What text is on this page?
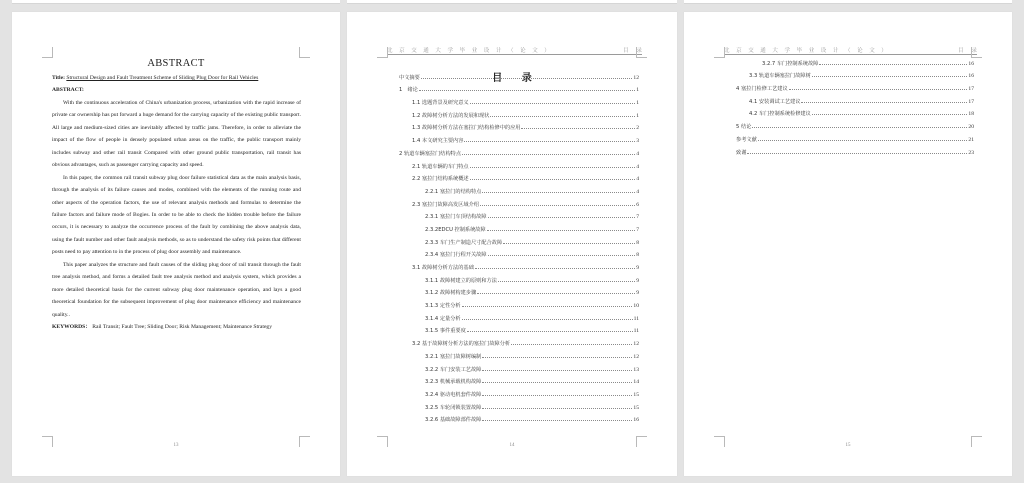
ABSTRACT

Title: Structural Design and Fault Treatment Scheme of Sliding Plug Door for Rail Vehicles

ABSTRACT:

With the continuous acceleration of China's urbanization process, urbanization with the rapid increase of private car ownership has put forward a huge demand for the carrying capacity of the existing public transport. All large and medium-sized cities are inevitably affected by traffic jams. Therefore, in order to alleviate the impact of the flow of people in densely populated urban areas on the traffic, the public transport mainly includes subway and other rail transit Compared with other ground public transportation, rail transit has obvious advantages, such as passenger carrying capacity and speed.

In this paper, the common rail transit subway plug door failure statistical data as the main analysis basis, through the analysis of its failure causes and modes, combined with the elements of the running route and other aspects of the operation factors, the use of relevant analysis methods and formulas to determine the failure factors and failure mode of Bogies. In order to be able to check the hidden trouble before the failure occurs, it is necessary to analyze the occurrence process of the fault by combining the above analysis data, using the fault number and other fault analysis methods, so as to understand the safety risk points that different posts need to pay attention to in the process of plug door assembly and maintenance.

This paper analyzes the structure and fault causes of the sliding plug door of rail transit through the fault tree analysis method, and forms a detailed fault tree analysis method and analysis system, which provides a more detailed theoretical basis for the current subway plug door maintenance operation, and lays a good theoretical foundation for the subsequent improvement of plug door maintenance efficiency and maintenance quality..

KEYWORDS： Rail Transit; Fault Tree; Sliding Door; Risk Management; Maintenance Strategy

13
北京交通大学毕业设计（论文）	目录
目 录
中文摘要	12
1　绪论	1
1.1 选题背景及研究意义	1
1.2 故障树分析方法的发展和现状	1
1.3 故障树分析方法在塞拉门结构检修中的应用	2
1.4 本文研究主要内容	3
2 轨道车辆塞拉门结构特点	4
2.1 轨道车辆的车门特点	4
2.2 塞拉门结构系统概述	4
2.2.1 塞拉门的结构特点	4
2.3 塞拉门故障高发区域介绍	6
2.3.1 塞拉门车顶结构故障	7
2.3.2EDCU 控制系统故障	7
2.3.3 车门生产制造尺寸配合故障	8
2.3.4 塞拉门行程开关故障	8
3.1 故障树分析方法的基础	9
3.1.1 故障树建立的原则和方法	9
3.1.2 故障树构建步骤	9
3.1.3 定性分析	10
3.1.4 定量分析	11
3.1.5 事件重要度	11
3.2 基于故障树分析方法的塞拉门故障分析	12
3.2.1 塞拉门故障树编制	12
3.2.2 车门安装工艺故障	13
3.2.3 机械承载机构故障	14
3.2.4 驱动电机套件故障	15
3.2.5 车轮闭锁装置故障	15
3.2.6 基础故障部件故障	16
14
北京交通大学毕业设计（论文）	目录
3.2.7 车门控制系统故障	16
3.3 轨道车辆塞拉门故障树	16
4 塞拉门检修工艺建议	17
4.1 安装调试工艺建议	17
4.2 车门控制系统检修建议	18
5 结论	20
参考文献	21
致谢	23
15
